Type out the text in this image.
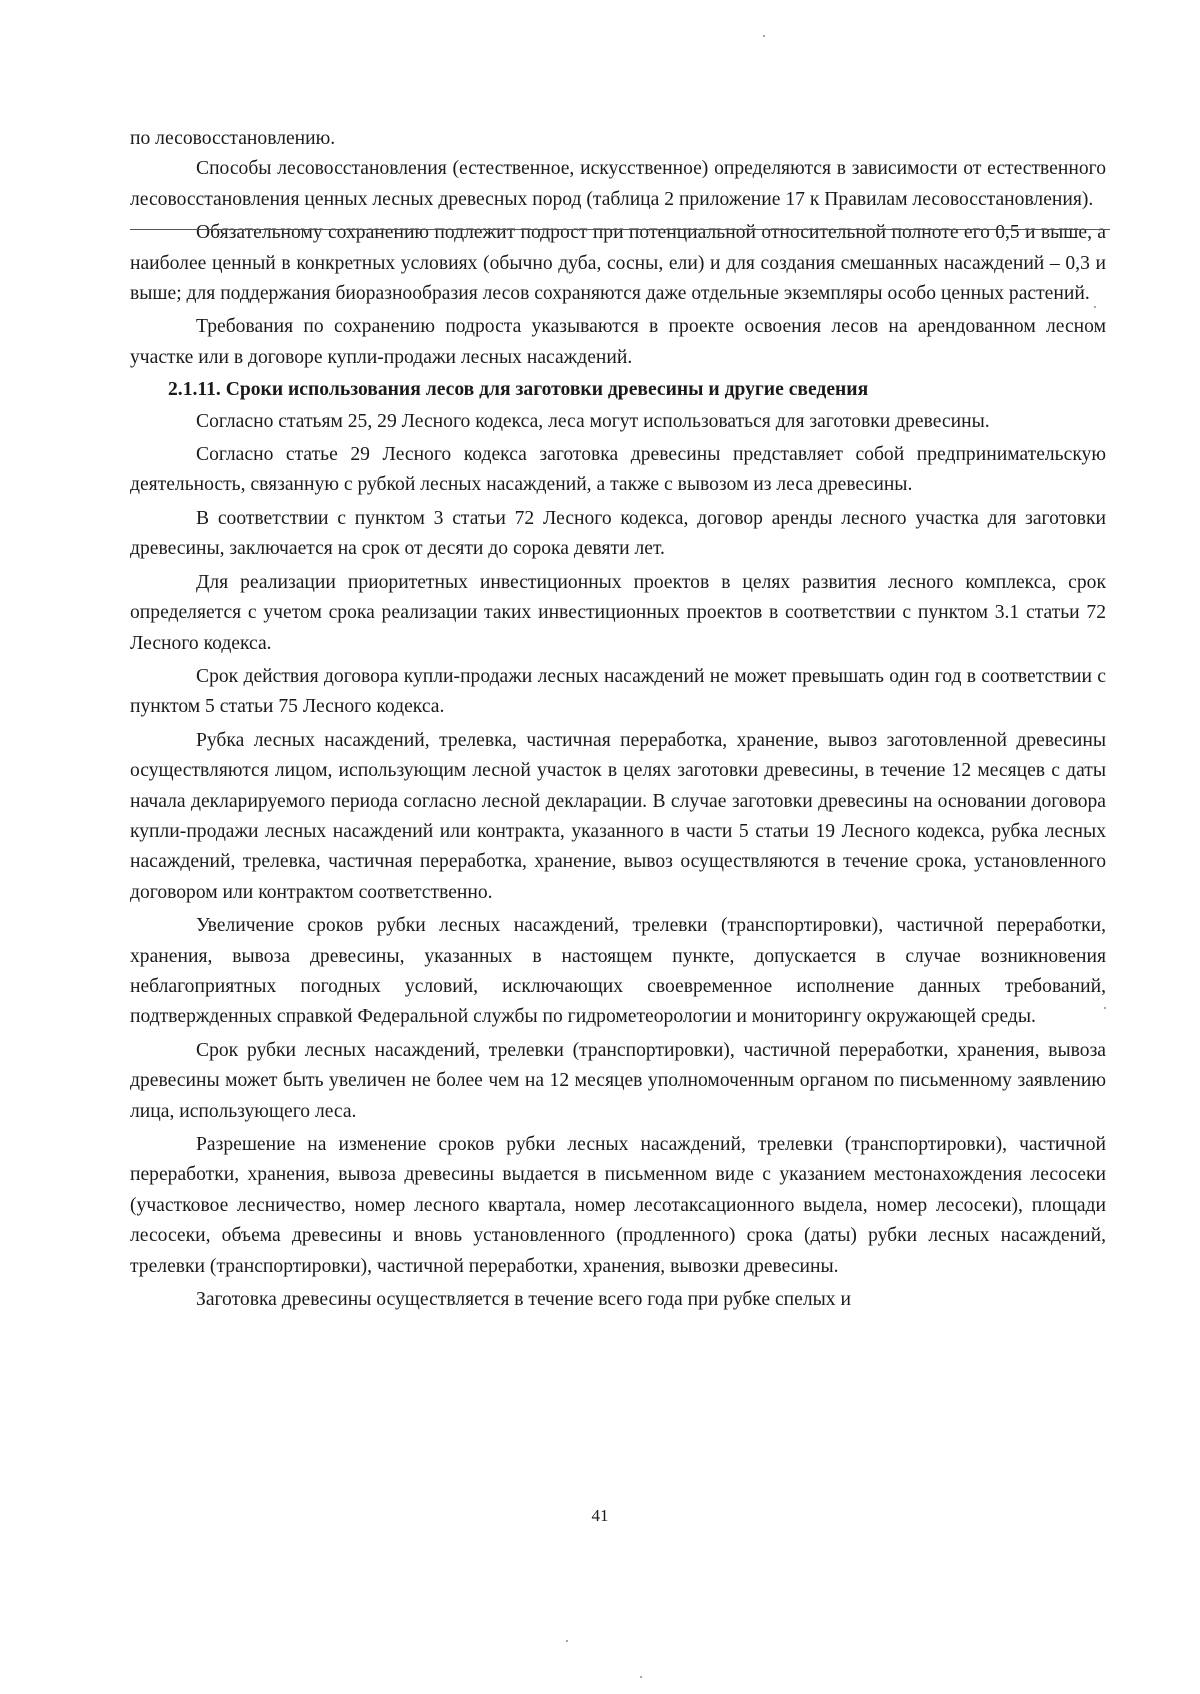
по лесовосстановлению.

Способы лесовосстановления (естественное, искусственное) определяются в зависимости от естественного лесовосстановления ценных лесных древесных пород (таблица 2 приложение 17 к Правилам лесовосстановления).

Обязательному сохранению подлежит подрост при потенциальной относительной полноте его 0,5 и выше, а наиболее ценный в конкретных условиях (обычно дуба, сосны, ели) и для создания смешанных насаждений – 0,3 и выше; для поддержания биоразнообразия лесов сохраняются даже отдельные экземпляры особо ценных растений.

Требования по сохранению подроста указываются в проекте освоения лесов на арендованном лесном участке или в договоре купли-продажи лесных насаждений.

2.1.11. Сроки использования лесов для заготовки древесины и другие сведения

Согласно статьям 25, 29 Лесного кодекса, леса могут использоваться для заготовки древесины.

Согласно статье 29 Лесного кодекса заготовка древесины представляет собой предпринимательскую деятельность, связанную с рубкой лесных насаждений, а также с вывозом из леса древесины.

В соответствии с пунктом 3 статьи 72 Лесного кодекса, договор аренды лесного участка для заготовки древесины, заключается на срок от десяти до сорока девяти лет.

Для реализации приоритетных инвестиционных проектов в целях развития лесного комплекса, срок определяется с учетом срока реализации таких инвестиционных проектов в соответствии с пунктом 3.1 статьи 72 Лесного кодекса.

Срок действия договора купли-продажи лесных насаждений не может превышать один год в соответствии с пунктом 5 статьи 75 Лесного кодекса.

Рубка лесных насаждений, трелевка, частичная переработка, хранение, вывоз заготовленной древесины осуществляются лицом, использующим лесной участок в целях заготовки древесины, в течение 12 месяцев с даты начала декларируемого периода согласно лесной декларации. В случае заготовки древесины на основании договора купли-продажи лесных насаждений или контракта, указанного в части 5 статьи 19 Лесного кодекса, рубка лесных насаждений, трелевка, частичная переработка, хранение, вывоз осуществляются в течение срока, установленного договором или контрактом соответственно.

Увеличение сроков рубки лесных насаждений, трелевки (транспортировки), частичной переработки, хранения, вывоза древесины, указанных в настоящем пункте, допускается в случае возникновения неблагоприятных погодных условий, исключающих своевременное исполнение данных требований, подтвержденных справкой Федеральной службы по гидрометеорологии и мониторингу окружающей среды.

Срок рубки лесных насаждений, трелевки (транспортировки), частичной переработки, хранения, вывоза древесины может быть увеличен не более чем на 12 месяцев уполномоченным органом по письменному заявлению лица, использующего леса.

Разрешение на изменение сроков рубки лесных насаждений, трелевки (транспортировки), частичной переработки, хранения, вывоза древесины выдается в письменном виде с указанием местонахождения лесосеки (участковое лесничество, номер лесного квартала, номер лесотаксационного выдела, номер лесосеки), площади лесосеки, объема древесины и вновь установленного (продленного) срока (даты) рубки лесных насаждений, трелевки (транспортировки), частичной переработки, хранения, вывозки древесины.

Заготовка древесины осуществляется в течение всего года при рубке спелых и

41
